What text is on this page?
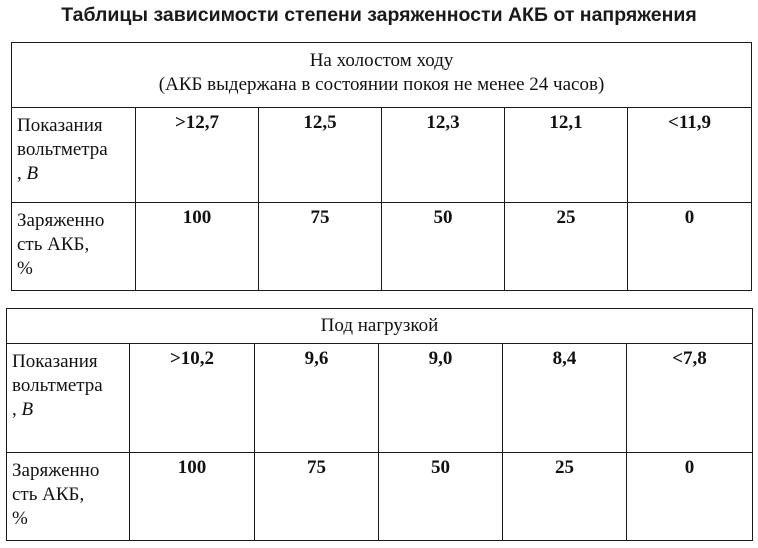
Таблицы зависимости степени заряженности АКБ от напряжения
На холостом ходу
(АКБ выдержана в состоянии покоя не менее 24 часов)					

Показания
вольтметра
, В	>12,7	12,5	12,3	12,1	<11,9

Заряженно
сть АКБ,
%	100	75	50	25	0
Под нагрузкой					

Показания
вольтметра
, В	>10,2	9,6	9,0	8,4	<7,8

Заряженно
сть АКБ,
%	100	75	50	25	0
